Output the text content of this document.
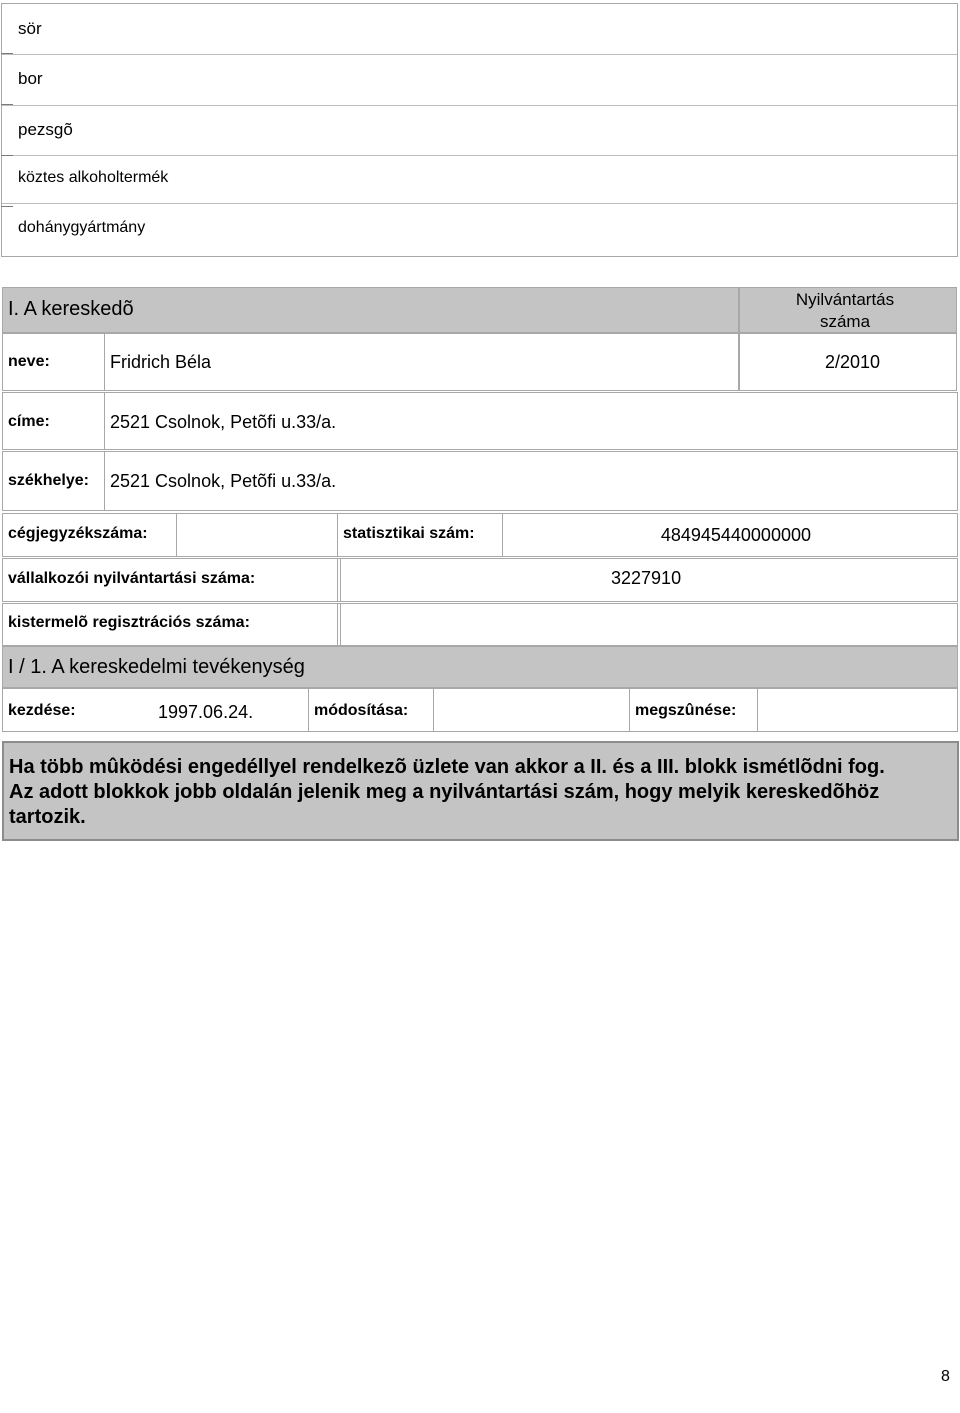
sör
bor
pezsgõ
köztes alkoholtermék
dohánygyártmány
I. A kereskedõ	Nyilvántartás száma
neve:	Fridrich Béla	2/2010
címe:	2521 Csolnok, Petõfi u.33/a.
székhelye: 2521 Csolnok, Petõfi u.33/a.
cégjegyzékszáma:	statisztikai szám:	484945440000000
vállalkozói nyilvántartási száma:	3227910
kistermelõ regisztrációs száma:
I / 1. A kereskedelmi tevékenység
kezdése:	1997.06.24.	módosítása:	megszûnése:
Ha több mûködési engedéllyel rendelkezõ üzlete van akkor a II. és a III. blokk ismétlõdni fog. Az adott blokkok jobb oldalán jelenik meg a nyilvántartási szám, hogy melyik kereskedõhöz tartozik.
8
